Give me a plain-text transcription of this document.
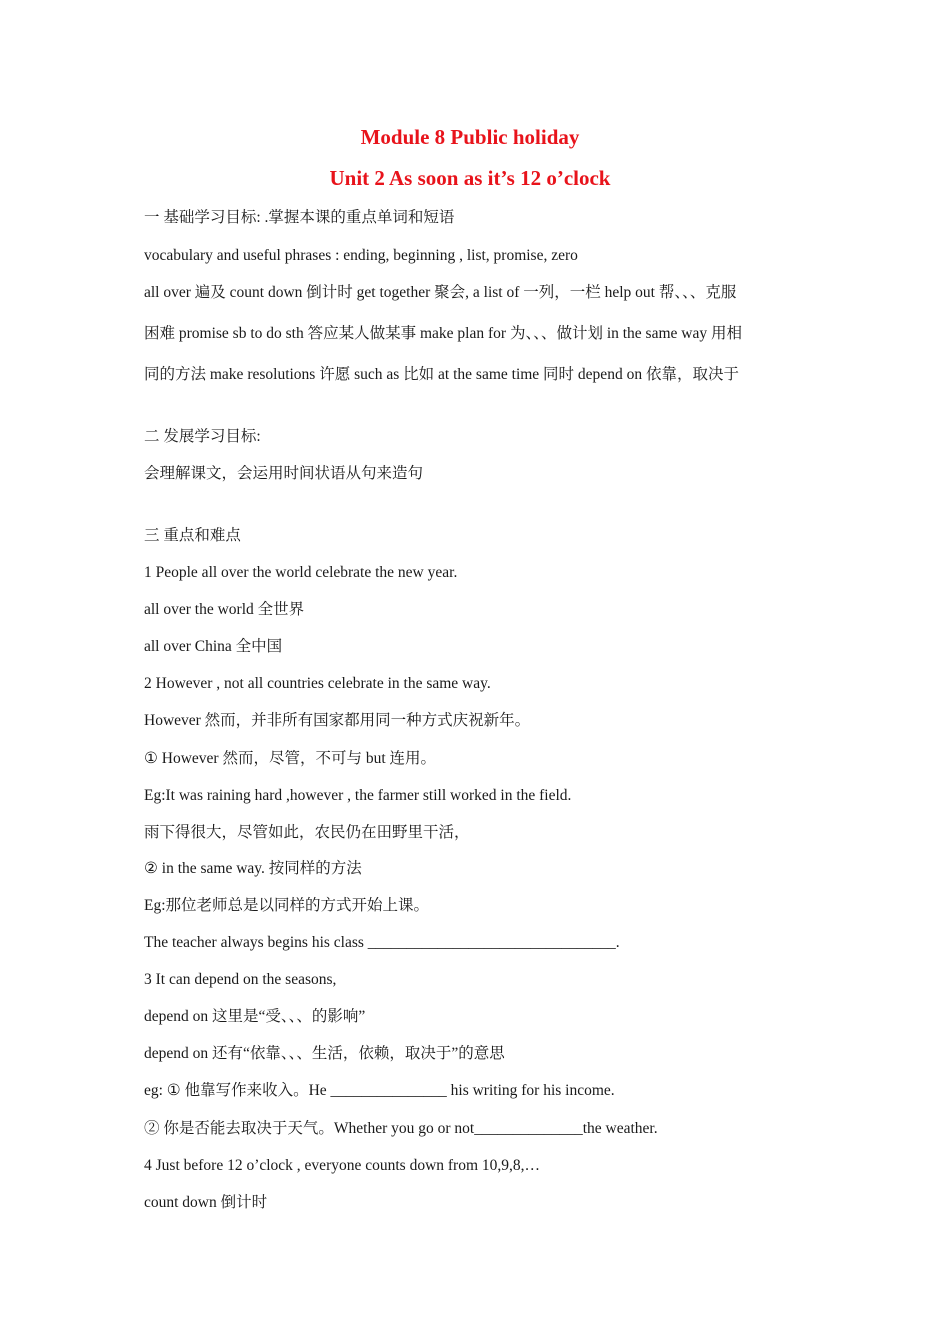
Module 8 Public holiday
Unit 2 As soon as it’s 12 o’clock
一 基础学习目标: .掌握本课的重点单词和短语
vocabulary and useful phrases : ending, beginning , list, promise, zero
all over 遍及 count down 倒计时 get together 聚会, a list of 一列，一栏 help out 帮、、、克服
困难 promise sb to do sth 答应某人做某事 make plan for 为、、、做计划 in the same way 用相
同的方法 make resolutions 许愿 such as 比如 at the same time 同时 depend on 依靠，取决于
二 发展学习目标:
会理解课文，会运用时间状语从句来造句
三 重点和难点
1 People all over the world celebrate the new year.
all over the world 全世界
all over China 全中国
2 However , not all countries celebrate in the same way.
However 然而，并非所有国家都用同一种方式庆祝新年。
① However 然而，尽管，不可与 but 连用。
Eg:It was raining hard ,however , the farmer still worked in the field.
雨下得很大，尽管如此，农民仍在田野里干活，
② in the same way. 按同样的方法
Eg:那位老师总是以同样的方式开始上课。
The teacher always begins his class ________________________________.
3 It can depend on the seasons,
depend on 这里是“受、、、的影响”
depend on 还有“依靠、、、生活，依赖，取决于”的意思
eg: ① 他靠写作来收入。He _______________ his writing for his income.
② 你是否能去取决于天气。Whether you go or not______________the weather.
4 Just before 12 o’clock , everyone counts down from 10,9,8,…
count down 倒计时
